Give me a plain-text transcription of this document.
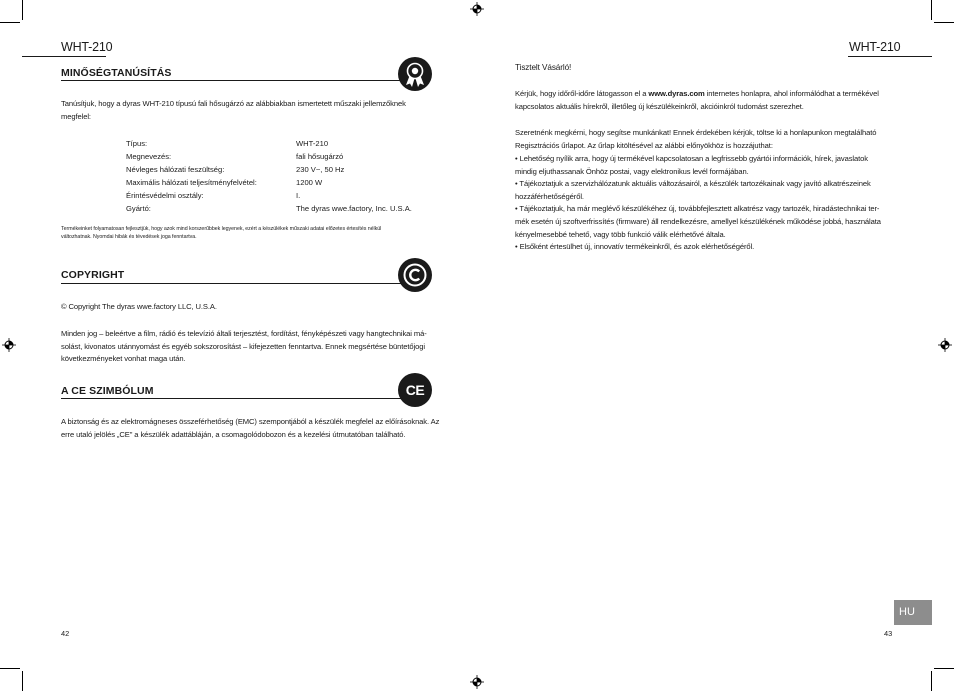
WHT-210
MINŐSÉGTANÚSÍTÁS
Tanúsítjuk, hogy a dyras WHT-210 típusú fali hősugárzó az alábbiakban ismertetett műszaki jellemzőknek
megfelel:
Típus:	WHT-210
Megnevezés:	fali hősugárzó
Névleges hálózati feszültség:	230 V~, 50 Hz
Maximális hálózati teljesítményfelvétel:	1200 W
Érintésvédelmi osztály:	I.
Gyártó:	The dyras wwe.factory, Inc. U.S.A.
Termékeinket folyamatosan fejlesztjük, hogy azok mind korszerűbbek legyenek, ezért a készülékek műszaki adatai előzetes értesítés nélkül
változhatnak. Nyomdai hibák és tévedések joga fenntartva.
COPYRIGHT
© Copyright The dyras wwe.factory LLC, U.S.A.
Minden jog – beleértve a film, rádió és televízió általi terjesztést, fordítást, fényképészeti vagy hangtechnikai má-
solást, kivonatos utánnyomást és egyéb sokszorosítást – kifejezetten fenntartva. Ennek megsértése büntetőjogi
következményeket vonhat maga után.
A CE SZIMBÓLUM	CE
A biztonság és az elektromágneses összeférhetőség (EMC) szempontjából a készülék megfelel az előírásoknak. Az
erre utaló jelölés „CE" a készülék adattábláján, a csomagolódobozon és a kezelési útmutatóban található.
42
WHT-210
Tisztelt Vásárló!
Kérjük, hogy időről-időre látogasson el a www.dyras.com internetes honlapra, ahol informálódhat a termékével
kapcsolatos aktuális hírekről, illetőleg új készülékeinkről, akcióinkról tudomást szerezhet.
Szeretnénk megkérni, hogy segítse munkánkat! Ennek érdekében kérjük, töltse ki a honlapunkon megtalálható
Regisztrációs űrlapot. Az űrlap kitöltésével az alábbi előnyökhöz is hozzájuthat:
• Lehetőség nyílik arra, hogy új termékével kapcsolatosan a legfrissebb gyártói információk, hírek, javaslatok
mindig eljuthassanak Önhöz postai, vagy elektronikus levél formájában.
• Tájékoztatjuk a szervizhálózatunk aktuális változásairól, a készülék tartozékainak vagy javító alkatrészeinek
hozzáférhetőségéről.
• Tájékoztatjuk, ha már meglévő készülékéhez új, továbbfejlesztett alkatrész vagy tartozék, hiradástechnikai ter-
mék esetén új szoftverfrissítés (firmware) áll rendelkezésre, amellyel készülékének működése jobbá, használata
kényelmesebbé tehető, vagy több funkció válik elérhetővé általa.
• Elsőként értesülhet új, innovatív termékeinkről, és azok elérhetőségéről.
HU
43
